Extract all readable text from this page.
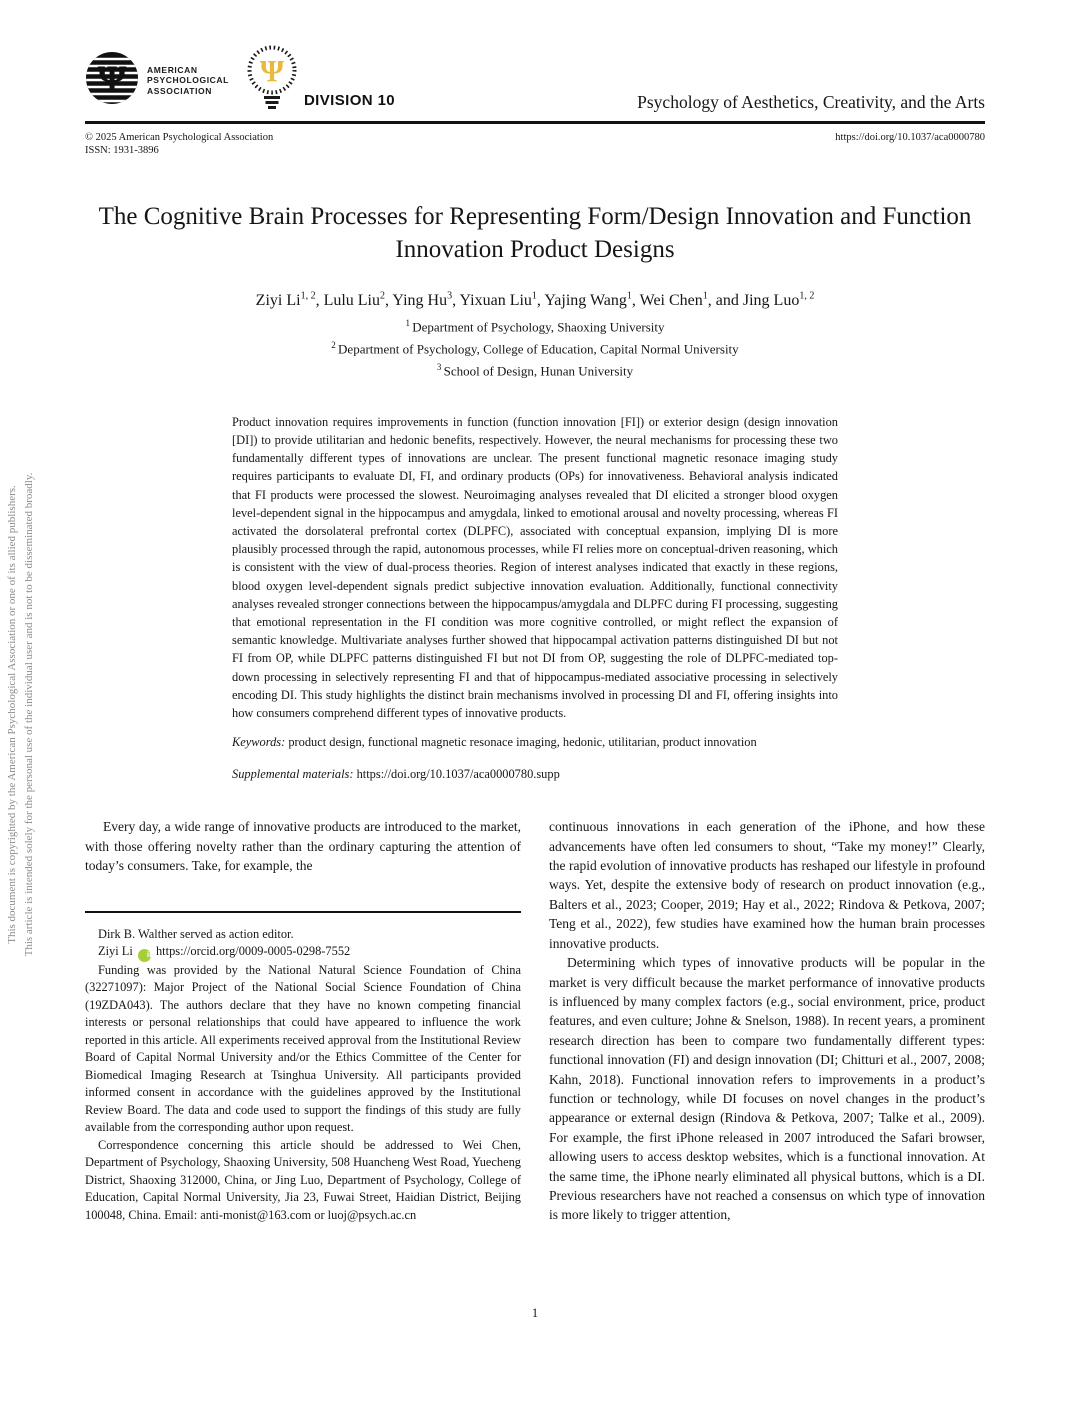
This document is copyrighted by the American Psychological Association or one of its allied publishers. This article is intended solely for the personal use of the individual user and is not to be disseminated broadly.
Ψ AMERICAN
PSYCHOLOGICAL
ASSOCIATION
Ψ
DIVISION 10	Psychology of Aesthetics, Creativity, and the Arts
© 2025 American Psychological Association
ISSN: 1931-3896
https://doi.org/10.1037/aca0000780
The Cognitive Brain Processes for Representing Form/Design Innovation and Function Innovation Product Designs
Ziyi Li$^{1, 2}$, Lulu Liu$^2$, Ying Hu$^3$, Yixuan Liu$^1$, Yajing Wang$^1$, Wei Chen$^1$, and Jing Luo$^{1, 2}$
$^1$ Department of Psychology, Shaoxing University
$^2$ Department of Psychology, College of Education, Capital Normal University
$^3$ School of Design, Hunan University
Product innovation requires improvements in function (function innovation [FI]) or exterior design (design innovation [DI]) to provide utilitarian and hedonic benefits, respectively. However, the neural mechanisms for processing these two fundamentally different types of innovations are unclear. The present functional magnetic resonace imaging study requires participants to evaluate DI, FI, and ordinary products (OPs) for innovativeness. Behavioral analysis indicated that FI products were processed the slowest. Neuroimaging analyses revealed that DI elicited a stronger blood oxygen level-dependent signal in the hippocampus and amygdala, linked to emotional arousal and novelty processing, whereas FI activated the dorsolateral prefrontal cortex (DLPFC), associated with conceptual expansion, implying DI is more plausibly processed through the rapid, autonomous processes, while FI relies more on conceptual-driven reasoning, which is consistent with the view of dual-process theories. Region of interest analyses indicated that exactly in these regions, blood oxygen level-dependent signals predict subjective innovation evaluation. Additionally, functional connectivity analyses revealed stronger connections between the hippocampus/amygdala and DLPFC during FI processing, suggesting that emotional representation in the FI condition was more cognitive controlled, or might reflect the expansion of semantic knowledge. Multivariate analyses further showed that hippocampal activation patterns distinguished DI but not FI from OP, while DLPFC patterns distinguished FI but not DI from OP, suggesting the role of DLPFC-mediated top-down processing in selectively representing FI and that of hippocampus-mediated associative processing in selectively encoding DI. This study highlights the distinct brain mechanisms involved in processing DI and FI, offering insights into how consumers comprehend different types of innovative products.
Keywords: product design, functional magnetic resonace imaging, hedonic, utilitarian, product innovation
Supplemental materials: https://doi.org/10.1037/aca0000780.supp

Every day, a wide range of innovative products are introduced to the market, with those offering novelty rather than the ordinary capturing the attention of today’s consumers. Take, for example, the

Dirk B. Walther served as action editor.

Ziyi Li iD https://orcid.org/0009-0005-0298-7552

Funding was provided by the National Natural Science Foundation of China (32271097): Major Project of the National Social Science Foundation of China (19ZDA043). The authors declare that they have no known competing financial interests or personal relationships that could have appeared to influence the work reported in this article. All experiments received approval from the Institutional Review Board of Capital Normal University and/or the Ethics Committee of the Center for Biomedical Imaging Research at Tsinghua University. All participants provided informed consent in accordance with the guidelines approved by the Institutional Review Board. The data and code used to support the findings of this study are fully available from the corresponding author upon request.

Correspondence concerning this article should be addressed to Wei Chen, Department of Psychology, Shaoxing University, 508 Huancheng West Road, Yuecheng District, Shaoxing 312000, China, or Jing Luo, Department of Psychology, College of Education, Capital Normal University, Jia 23, Fuwai Street, Haidian District, Beijing 100048, China. Email: anti-monist@163.com or luoj@psych.ac.cn

continuous innovations in each generation of the iPhone, and how these advancements have often led consumers to shout, “Take my money!” Clearly, the rapid evolution of innovative products has reshaped our lifestyle in profound ways. Yet, despite the extensive body of research on product innovation (e.g., Balters et al., 2023; Cooper, 2019; Hay et al., 2022; Rindova & Petkova, 2007; Teng et al., 2022), few studies have examined how the human brain processes innovative products.

Determining which types of innovative products will be popular in the market is very difficult because the market performance of innovative products is influenced by many complex factors (e.g., social environment, price, product features, and even culture; Johne & Snelson, 1988). In recent years, a prominent research direction has been to compare two fundamentally different types: functional innovation (FI) and design innovation (DI; Chitturi et al., 2007, 2008; Kahn, 2018). Functional innovation refers to improvements in a product’s function or technology, while DI focuses on novel changes in the product’s appearance or external design (Rindova & Petkova, 2007; Talke et al., 2009). For example, the first iPhone released in 2007 introduced the Safari browser, allowing users to access desktop websites, which is a functional innovation. At the same time, the iPhone nearly eliminated all physical buttons, which is a DI. Previous researchers have not reached a consensus on which type of innovation is more likely to trigger attention,

1
